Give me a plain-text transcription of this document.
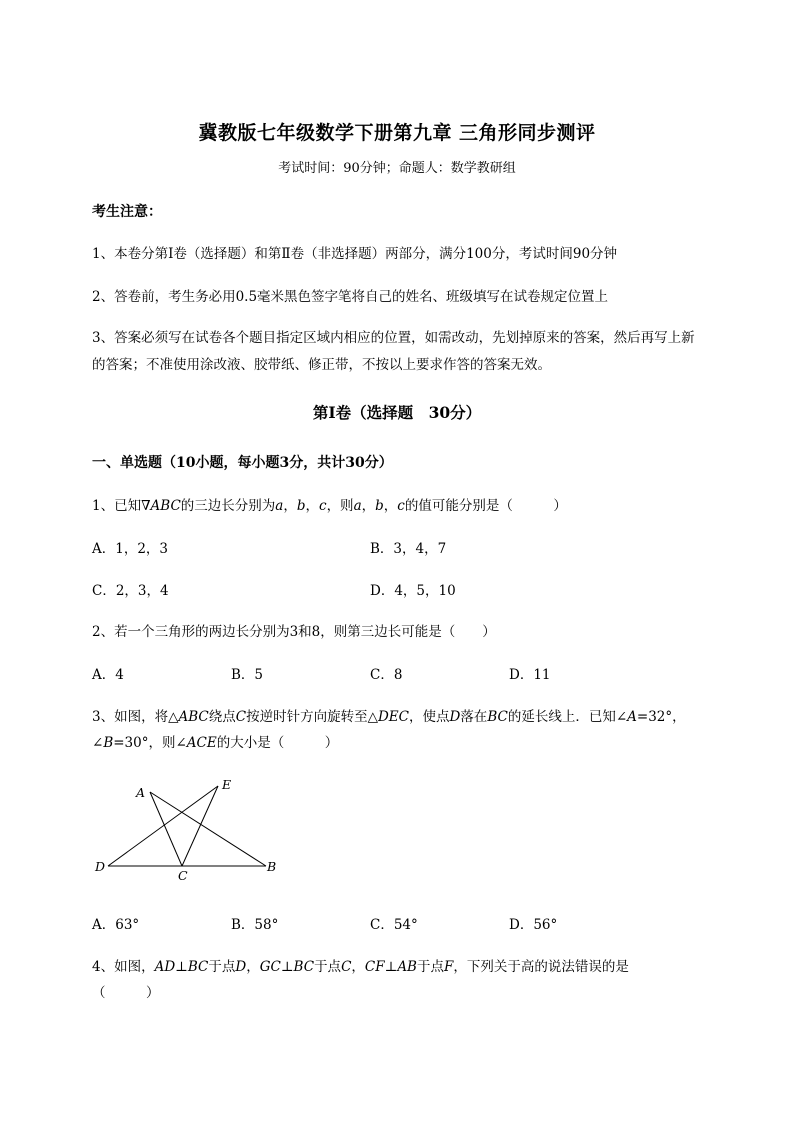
冀教版七年级数学下册第九章 三角形同步测评
考试时间：90分钟；命题人：数学教研组
考生注意：
1、本卷分第Ⅰ卷（选择题）和第Ⅱ卷（非选择题）两部分，满分100分，考试时间90分钟
2、答卷前，考生务必用0.5毫米黑色签字笔将自己的姓名、班级填写在试卷规定位置上
3、答案必须写在试卷各个题目指定区域内相应的位置，如需改动，先划掉原来的答案，然后再写上新
的答案；不准使用涂改液、胶带纸、修正带，不按以上要求作答的答案无效。
第Ⅰ卷（选择题　30分）
一、单选题（10小题，每小题3分，共计30分）
1、已知∇ABC的三边长分别为a，b，c，则a，b，c的值可能分别是（　　　）
A．1，2，3	B．3，4，7
C．2，3，4	D．4，5，10
2、若一个三角形的两边长分别为3和8，则第三边长可能是（　　）
A．4	B．5	C．8	D．11
3、如图，将△ABC绕点C按逆时针方向旋转至△DEC，使点D落在BC的延长线上．已知∠A=32°，
∠B=30°，则∠ACE的大小是（　　　）
A
E
D
C
B
A．63°	B．58°	C．54°	D．56°
4、如图，AD⊥BC于点D，GC⊥BC于点C，CF⊥AB于点F，下列关于高的说法错误的是
（　　　）
